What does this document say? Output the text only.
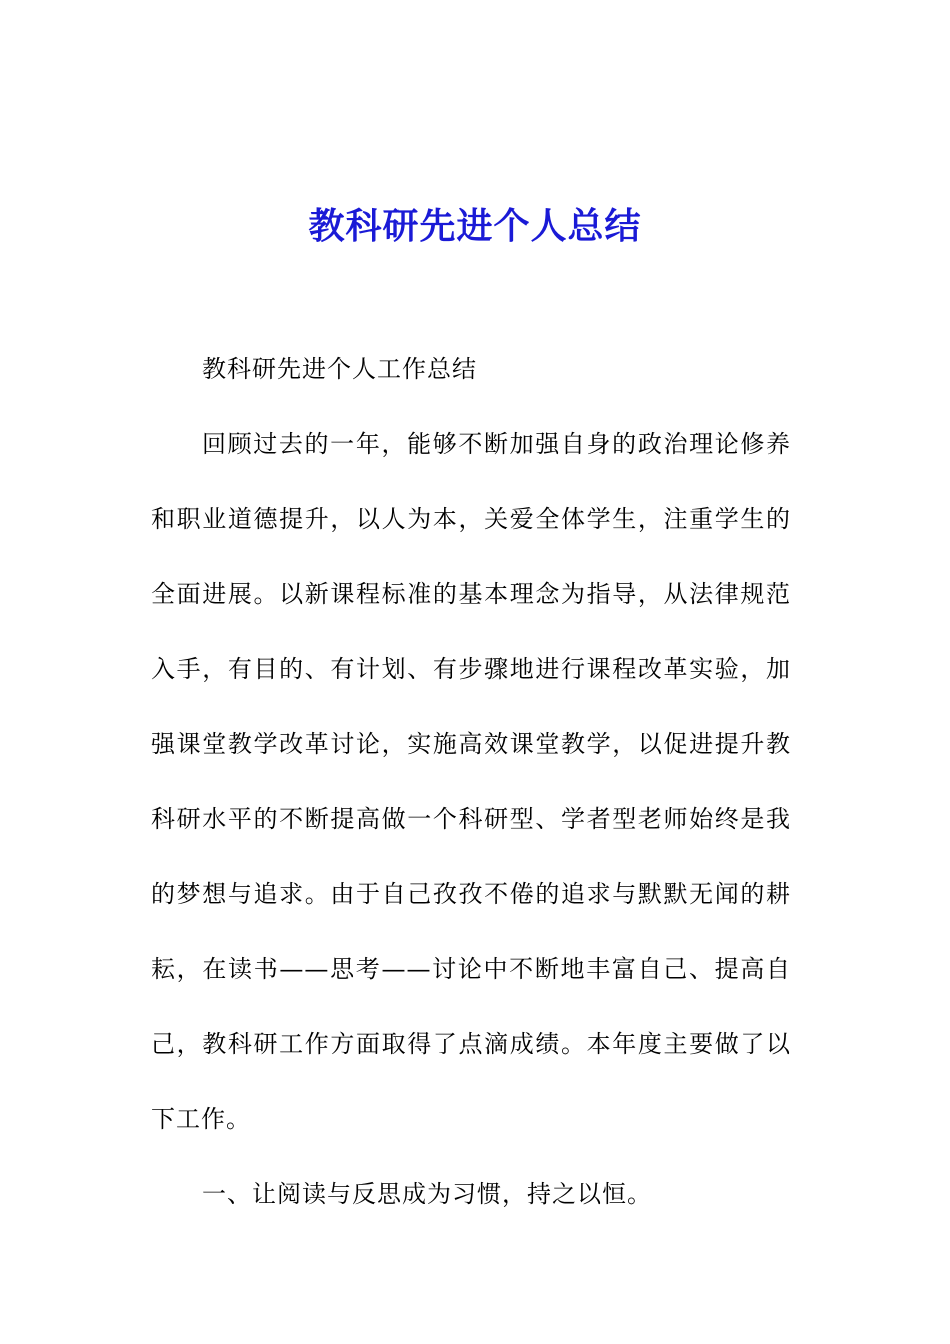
教科研先进个人总结

教科研先进个人工作总结

回顾过去的一年，能够不断加强自身的政治理论修养和职业道德提升，以人为本，关爱全体学生，注重学生的全面进展。以新课程标准的基本理念为指导，从法律规范入手，有目的、有计划、有步骤地进行课程改革实验，加强课堂教学改革讨论，实施高效课堂教学，以促进提升教科研水平的不断提高做一个科研型、学者型老师始终是我的梦想与追求。由于自己孜孜不倦的追求与默默无闻的耕耘，在读书——思考——讨论中不断地丰富自己、提高自己，教科研工作方面取得了点滴成绩。本年度主要做了以下工作。

一、让阅读与反思成为习惯，持之以恒。
